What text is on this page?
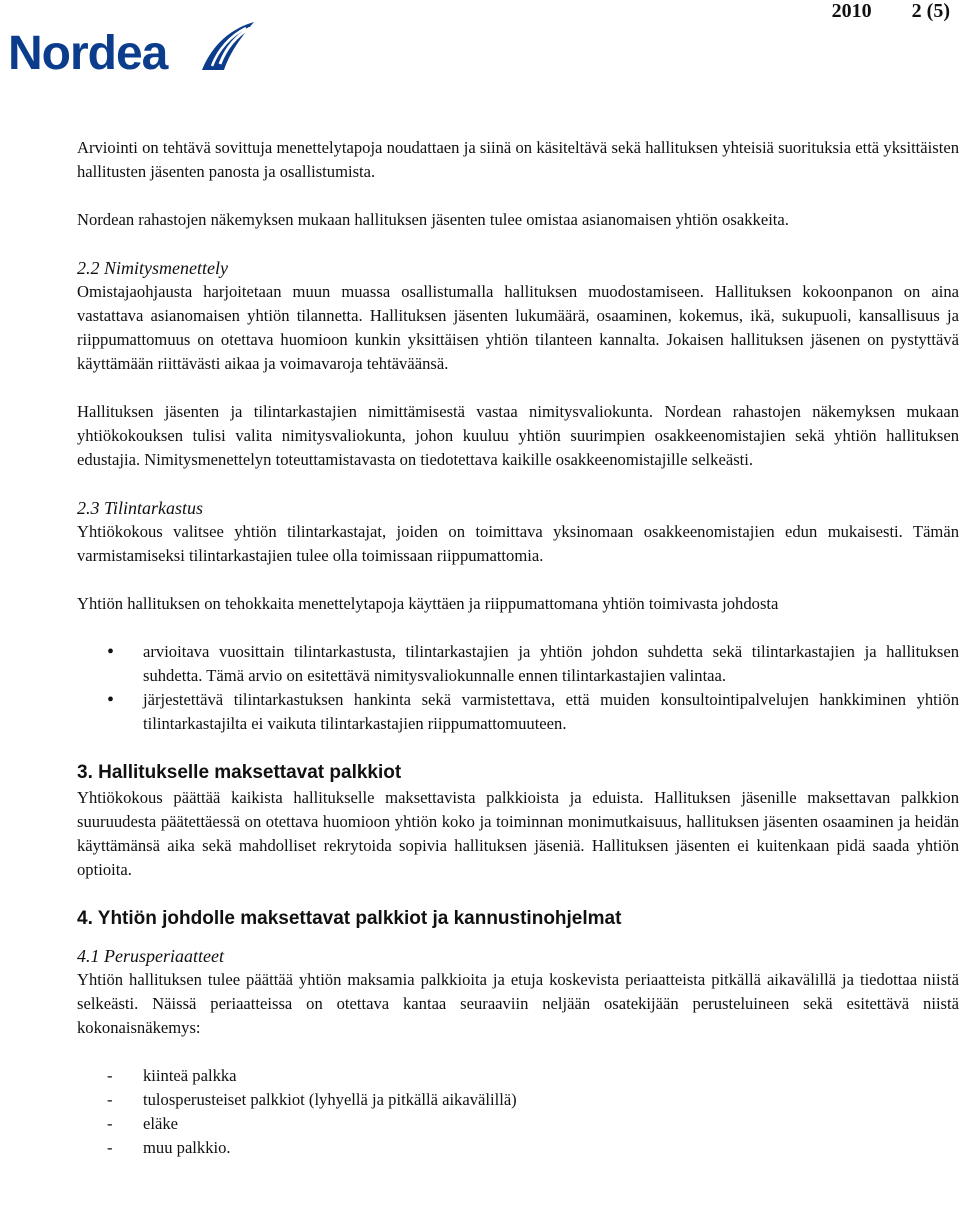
2010 2 (5)
Nordea

Arviointi on tehtävä sovittuja menettelytapoja noudattaen ja siinä on käsiteltävä sekä hallituksen yhteisiä suorituksia että yksittäisten hallitusten jäsenten panosta ja osallistumista.

Nordean rahastojen näkemyksen mukaan hallituksen jäsenten tulee omistaa asianomaisen yhtiön osakkeita.

2.2 Nimitysmenettely

Omistajaohjausta harjoitetaan muun muassa osallistumalla hallituksen muodostamiseen. Hallituksen kokoonpanon on aina vastattava asianomaisen yhtiön tilannetta. Hallituksen jäsenten lukumäärä, osaaminen, kokemus, ikä, sukupuoli, kansallisuus ja riippumattomuus on otettava huomioon kunkin yksittäisen yhtiön tilanteen kannalta. Jokaisen hallituksen jäsenen on pystyttävä käyttämään riittävästi aikaa ja voimavaroja tehtäväänsä.

Hallituksen jäsenten ja tilintarkastajien nimittämisestä vastaa nimitysvaliokunta. Nordean rahastojen näkemyksen mukaan yhtiökokouksen tulisi valita nimitysvaliokunta, johon kuuluu yhtiön suurimpien osakkeenomistajien sekä yhtiön hallituksen edustajia. Nimitysmenettelyn toteuttamistavasta on tiedotettava kaikille osakkeenomistajille selkeästi.

2.3 Tilintarkastus

Yhtiökokous valitsee yhtiön tilintarkastajat, joiden on toimittava yksinomaan osakkeenomistajien edun mukaisesti. Tämän varmistamiseksi tilintarkastajien tulee olla toimissaan riippumattomia.

Yhtiön hallituksen on tehokkaita menettelytapoja käyttäen ja riippumattomana yhtiön toimivasta johdosta

• arvioitava vuosittain tilintarkastusta, tilintarkastajien ja yhtiön johdon suhdetta sekä tilintarkastajien ja hallituksen suhdetta. Tämä arvio on esitettävä nimitysvaliokunnalle ennen tilintarkastajien valintaa.
• järjestettävä tilintarkastuksen hankinta sekä varmistettava, että muiden konsultointipalvelujen hankkiminen yhtiön tilintarkastajilta ei vaikuta tilintarkastajien riippumattomuuteen.

3. Hallitukselle maksettavat palkkiot

Yhtiökokous päättää kaikista hallitukselle maksettavista palkkioista ja eduista. Hallituksen jäsenille maksettavan palkkion suuruudesta päätettäessä on otettava huomioon yhtiön koko ja toiminnan monimutkaisuus, hallituksen jäsenten osaaminen ja heidän käyttämänsä aika sekä mahdolliset rekrytoida sopivia hallituksen jäseniä. Hallituksen jäsenten ei kuitenkaan pidä saada yhtiön optioita.

4. Yhtiön johdolle maksettavat palkkiot ja kannustinohjelmat

4.1 Perusperiaatteet

Yhtiön hallituksen tulee päättää yhtiön maksamia palkkioita ja etuja koskevista periaatteista pitkällä aikavälillä ja tiedottaa niistä selkeästi. Näissä periaatteissa on otettava kantaa seuraaviin neljään osatekijään perusteluineen sekä esitettävä niistä kokonaisnäkemys:

- kiinteä palkka
- tulosperusteiset palkkiot (lyhyellä ja pitkällä aikavälillä)
- eläke
- muu palkkio.
